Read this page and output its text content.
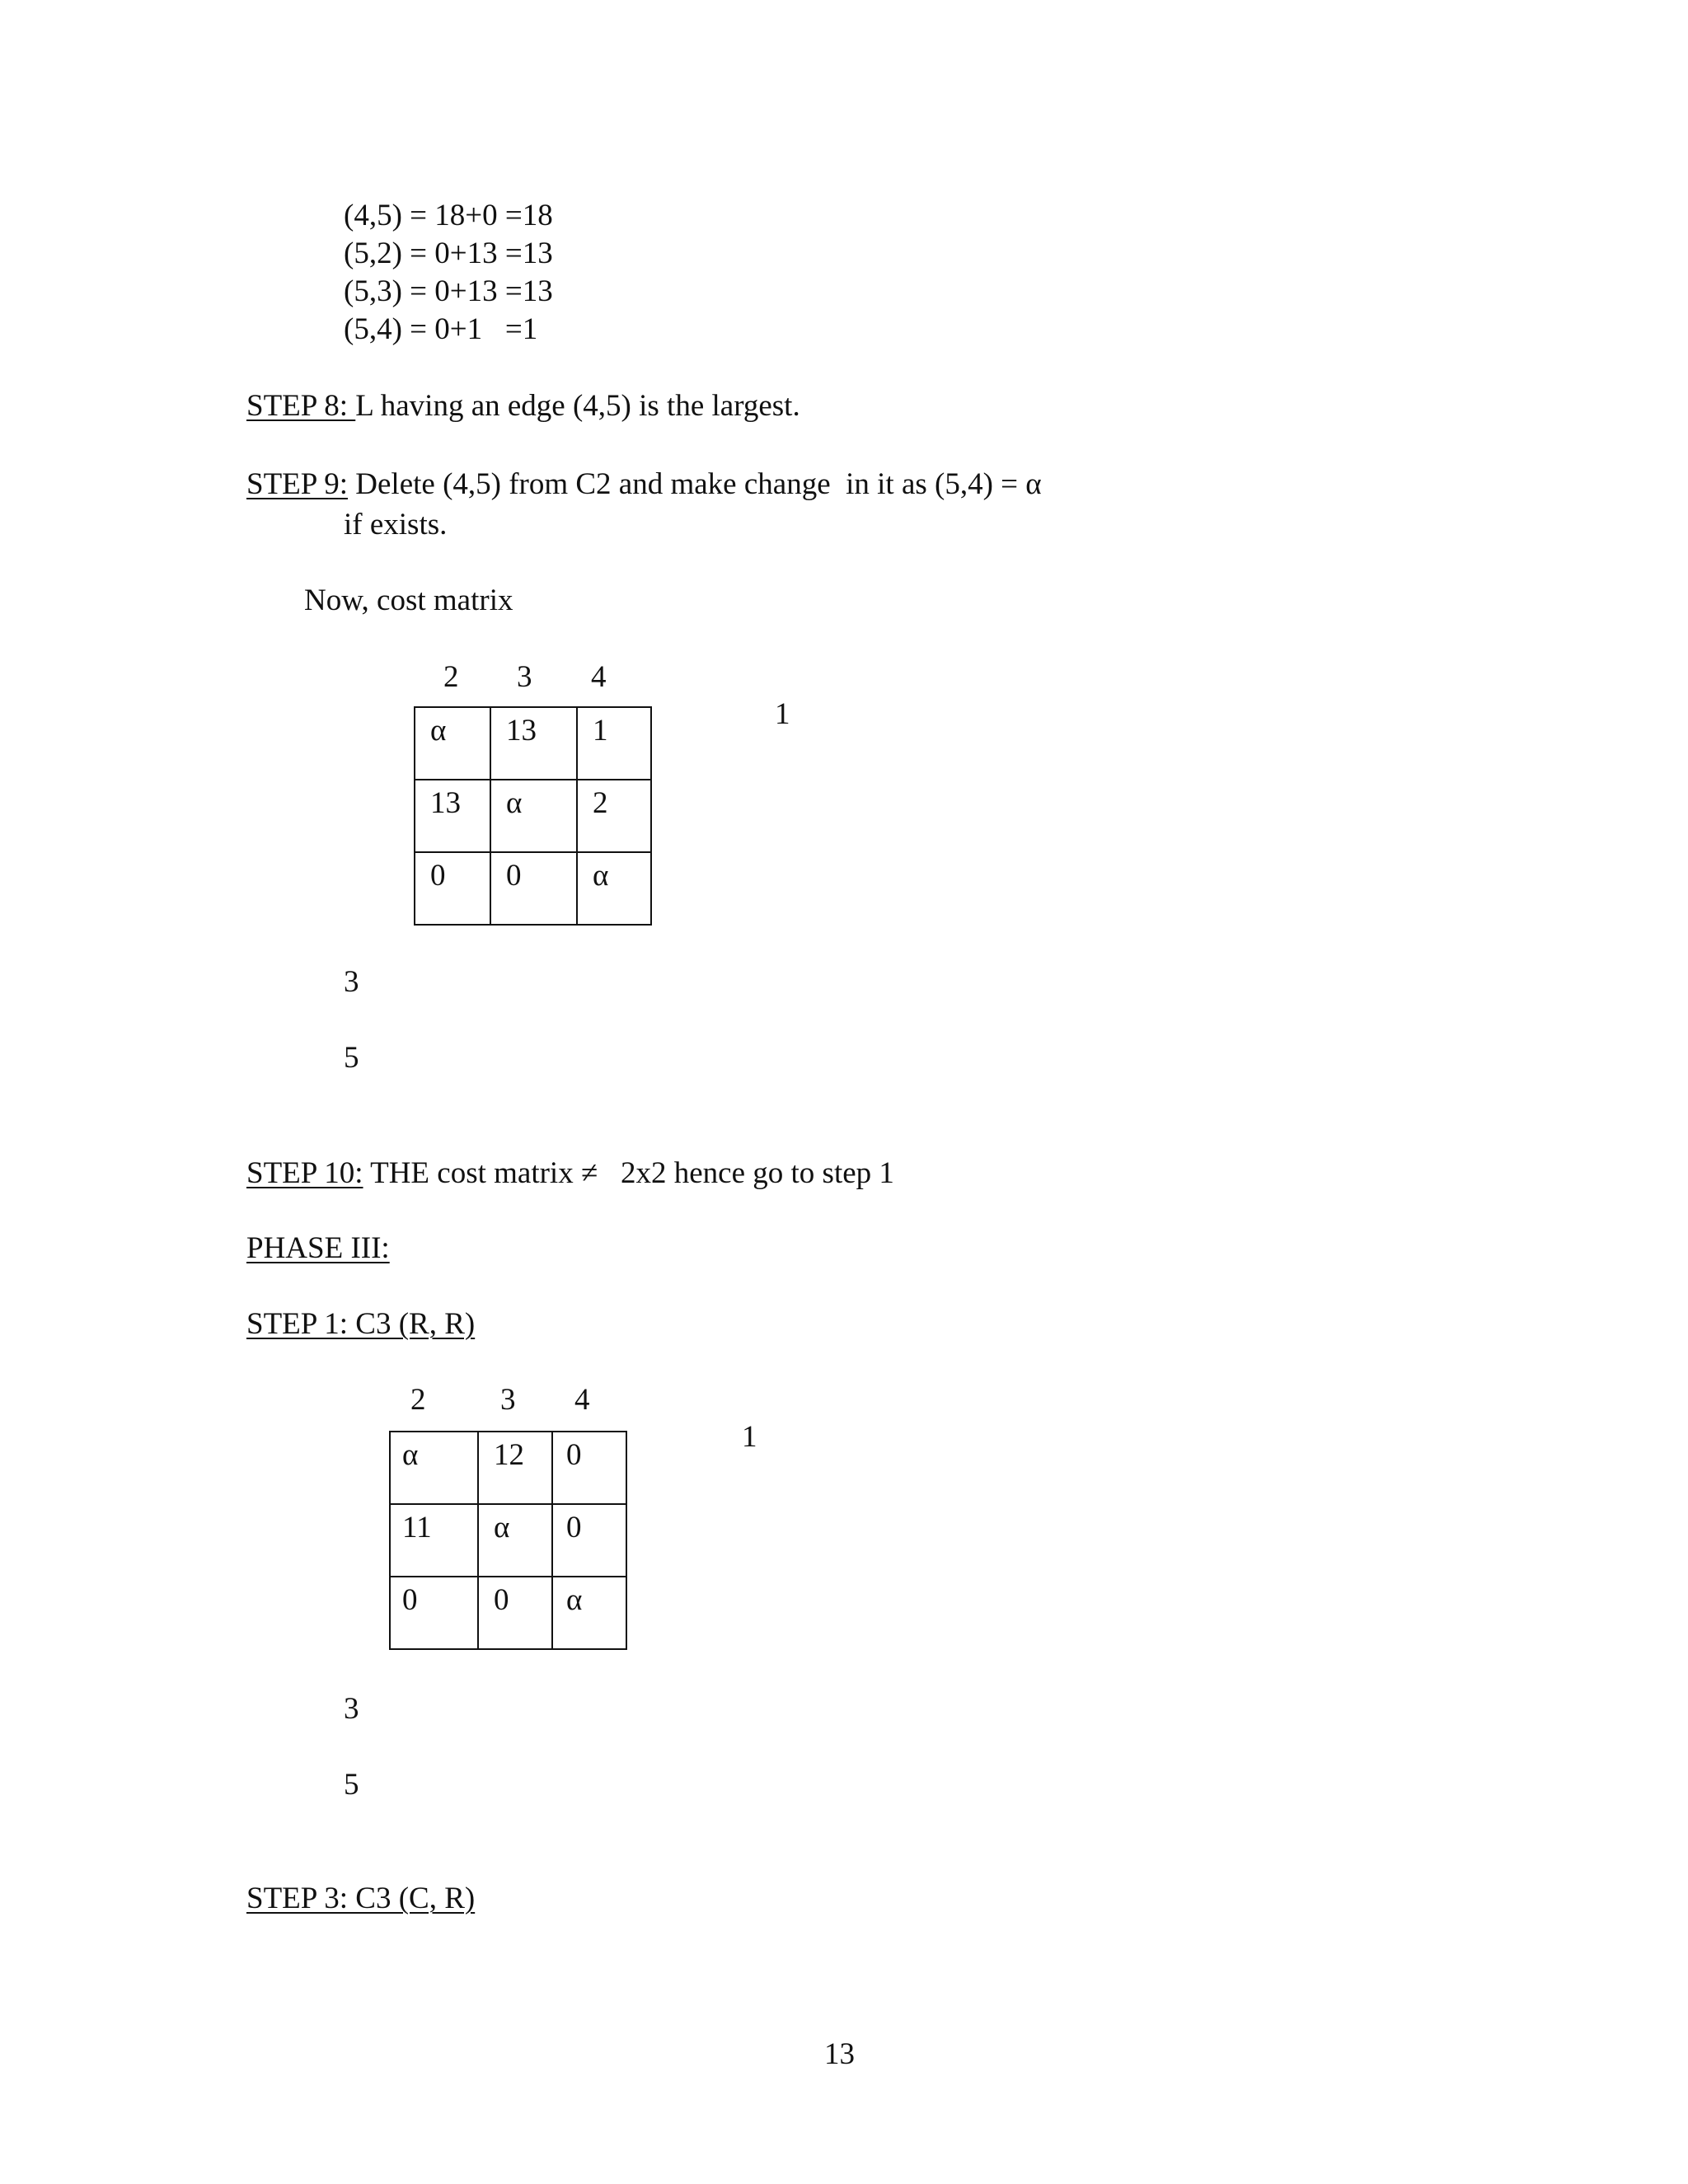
(4,5) = 18+0 =18
(5,2) = 0+13 =13
(5,3) = 0+13 =13
(5,4) = 0+1   =1
STEP 8: L having an edge (4,5) is the largest.
STEP 9: Delete (4,5) from C2 and make change  in it as (5,4) = α
if exists.
Now, cost matrix
2 3 4
α	13	1

13	α	2

0	0	α
1
3
5
STEP 10: THE cost matrix ≠   2x2 hence go to step 1
PHASE III:
STEP 1: C3 (R, R)
2 3 4
α	12	0

11	α	0

0	0	α
1
3
5
STEP 3: C3 (C, R)
13
